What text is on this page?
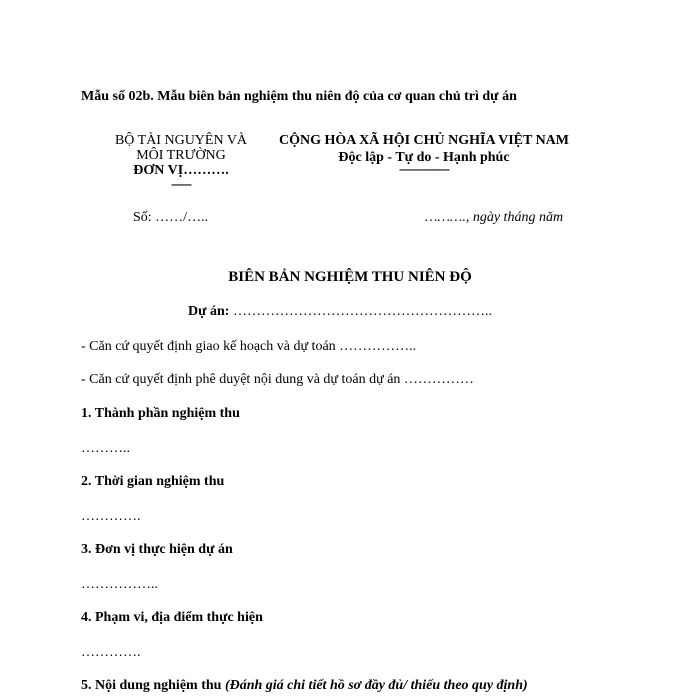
Mẫu số 02b. Mẫu biên bản nghiệm thu niên độ của cơ quan chủ trì dự án
BỘ TÀI NGUYÊN VÀ
MÔI TRƯỜNG
ĐƠN VỊ……….
------
CỘNG HÒA XÃ HỘI CHỦ NGHĨA VIỆT NAM
Độc lập - Tự do - Hạnh phúc
---------------
Số: ……/…..	………., ngày tháng năm
BIÊN BẢN NGHIỆM THU NIÊN ĐỘ
Dự án: ………………………………………………..
- Căn cứ quyết định giao kế hoạch và dự toán ……………..
- Căn cứ quyết định phê duyệt nội dung và dự toán dự án ……………
1. Thành phần nghiệm thu
………..
2. Thời gian nghiệm thu
………….
3. Đơn vị thực hiện dự án
……………..
4. Phạm vi, địa điểm thực hiện
………….
5. Nội dung nghiệm thu (Đánh giá chi tiết hồ sơ đầy đủ/ thiếu theo quy định)
